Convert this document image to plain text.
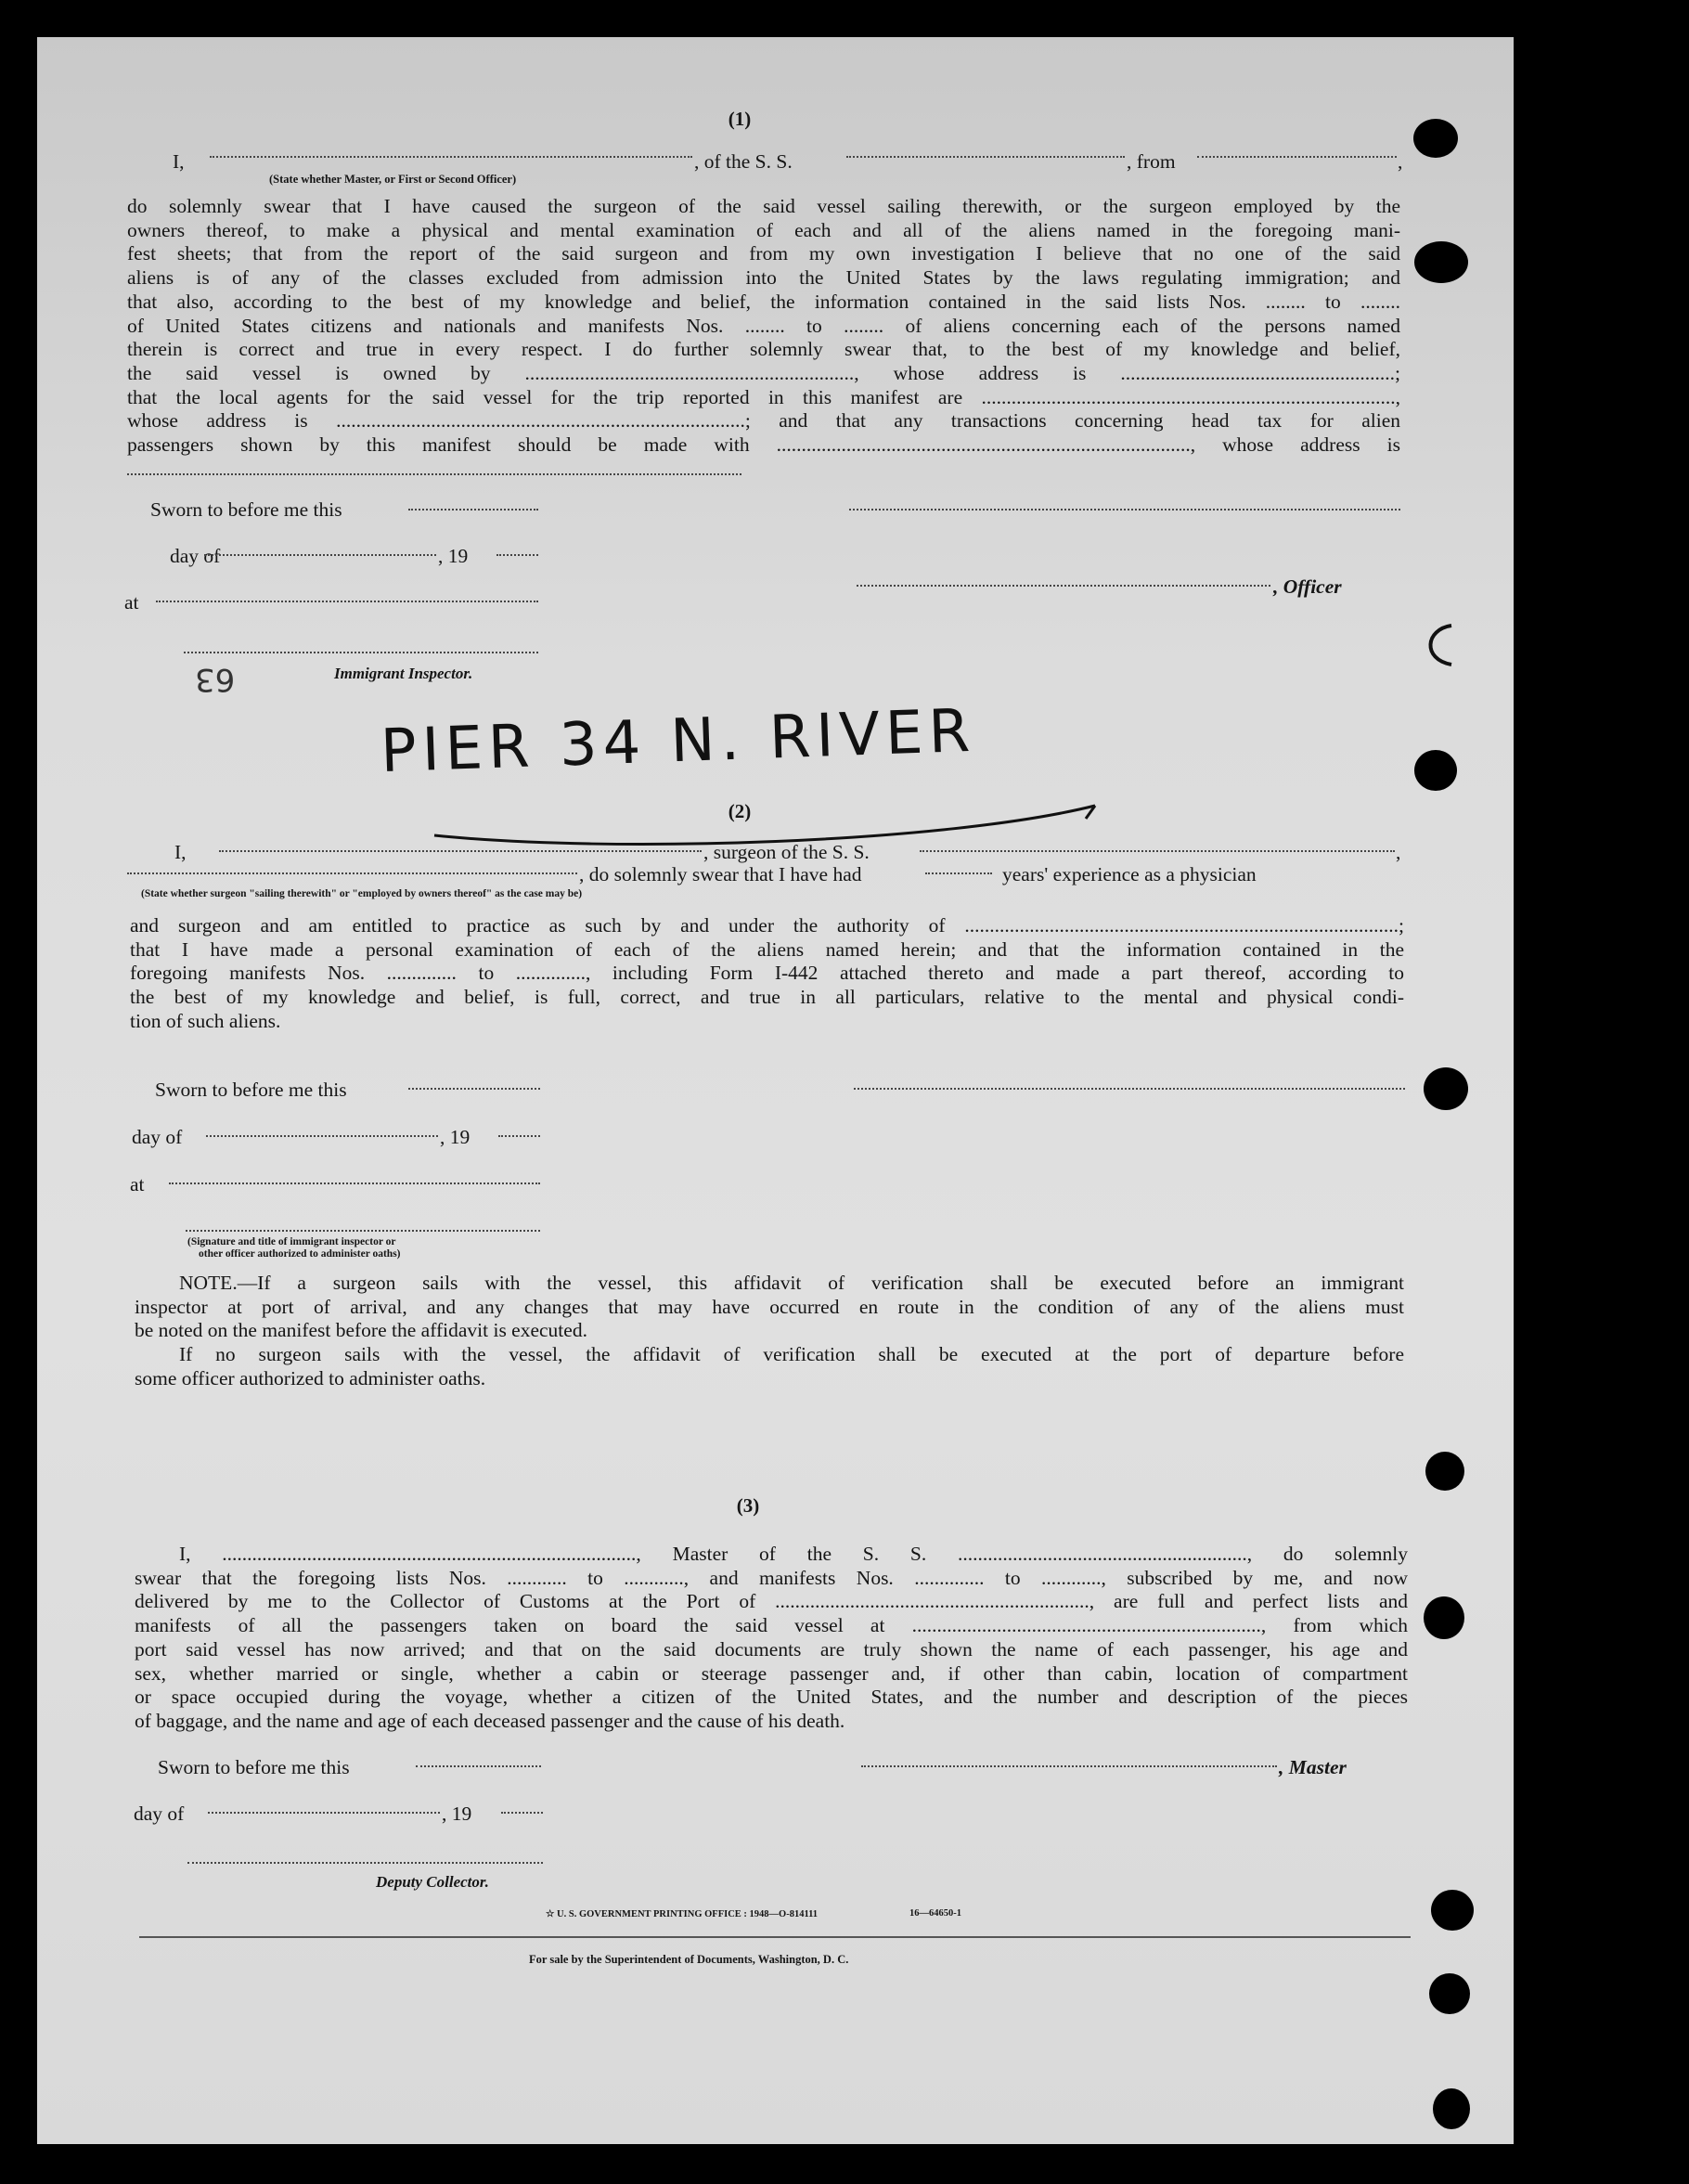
(1)
I,	, of the S. S.	, from	,
(State whether Master, or First or Second Officer)
do solemnly swear that I have caused the surgeon of the said vessel sailing therewith, or the surgeon employed by the
owners thereof, to make a physical and mental examination of each and all of the aliens named in the foregoing mani-
fest sheets; that from the report of the said surgeon and from my own investigation I believe that no one of the said
aliens is of any of the classes excluded from admission into the United States by the laws regulating immigration; and
that also, according to the best of my knowledge and belief, the information contained in the said lists Nos. ........ to ........
of United States citizens and nationals and manifests Nos. ........ to ........ of aliens concerning each of the persons named
therein is correct and true in every respect. I do further solemnly swear that, to the best of my knowledge and belief,
the said vessel is owned by .................................................................., whose address is .......................................................;
that the local agents for the said vessel for the trip reported in this manifest are ...................................................................................,
whose address is ..................................................................................; and that any transactions concerning head tax for alien
passengers shown by this manifest should be made with ..................................................................................., whose address is
Sworn to before me this
day of	, 19
, Officer
at
Immigrant Inspector.
63
PIER 34 N. RIVER
(2)
I,	, surgeon of the S. S.	,
, do solemnly swear that I have had	years' experience as a physician
(State whether surgeon "sailing therewith" or "employed by owners thereof" as the case may be)
and surgeon and am entitled to practice as such by and under the authority of .......................................................................................;
that I have made a personal examination of each of the aliens named herein; and that the information contained in the
foregoing manifests Nos. .............. to .............., including Form I-442 attached thereto and made a part thereof, according to
the best of my knowledge and belief, is full, correct, and true in all particulars, relative to the mental and physical condi-
tion of such aliens.
Sworn to before me this
day of	, 19
at
(Signature and title of immigrant inspector or
other officer authorized to administer oaths)
NOTE.—If a surgeon sails with the vessel, this affidavit of verification shall be executed before an immigrant
inspector at port of arrival, and any changes that may have occurred en route in the condition of any of the aliens must
be noted on the manifest before the affidavit is executed.
If no surgeon sails with the vessel, the affidavit of verification shall be executed at the port of departure before
some officer authorized to administer oaths.
(3)
I, ..................................................................................., Master of the S. S. .........................................................., do solemnly
swear that the foregoing lists Nos. ............ to ............, and manifests Nos. .............. to ............, subscribed by me, and now
delivered by me to the Collector of Customs at the Port of ..............................................................., are full and perfect lists and
manifests of all the passengers taken on board the said vessel at ......................................................................, from which
port said vessel has now arrived; and that on the said documents are truly shown the name of each passenger, his age and
sex, whether married or single, whether a cabin or steerage passenger and, if other than cabin, location of compartment
or space occupied during the voyage, whether a citizen of the United States, and the number and description of the pieces
of baggage, and the name and age of each deceased passenger and the cause of his death.
Sworn to before me this	, Master
day of	, 19
Deputy Collector.
☆ U. S. GOVERNMENT PRINTING OFFICE : 1948—O-814111	16—64650-1
For sale by the Superintendent of Documents, Washington, D. C.
